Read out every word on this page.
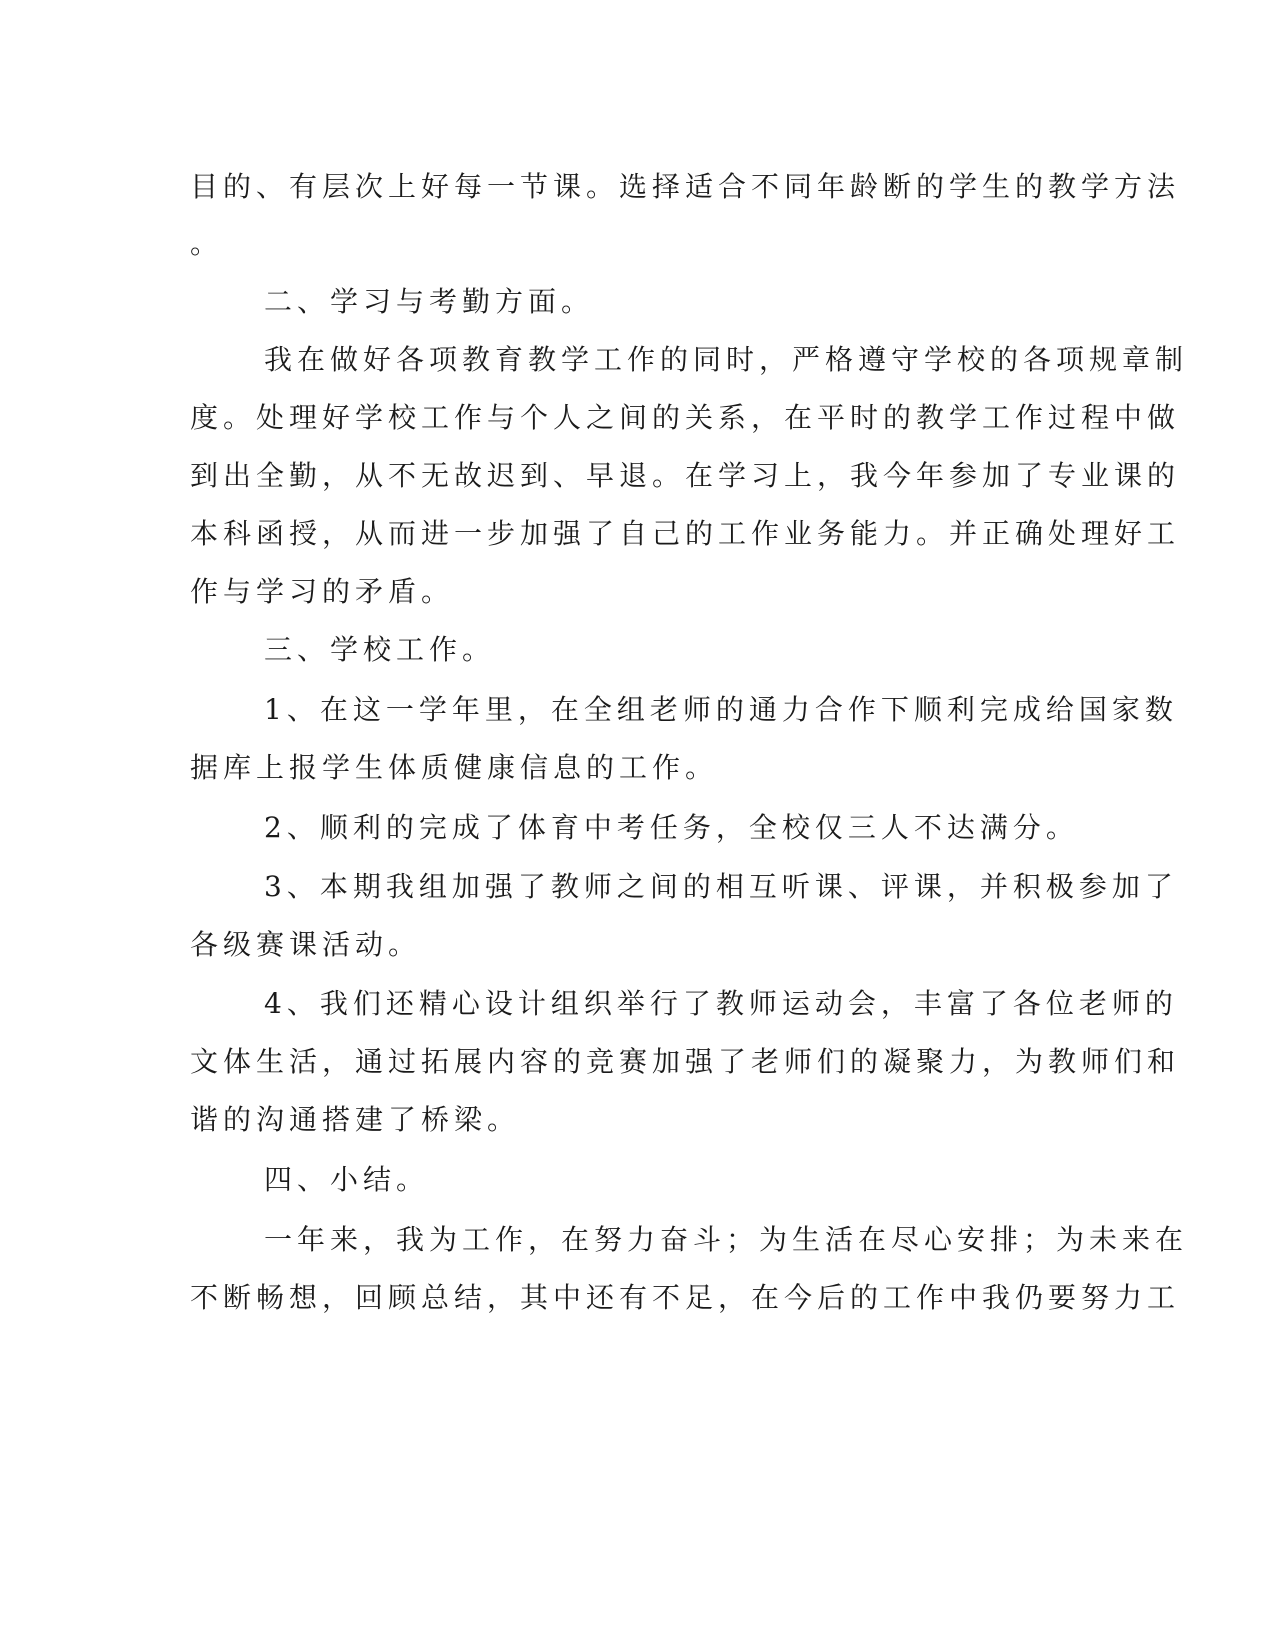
目的、有层次上好每一节课。选择适合不同年龄断的学生的教学方法
。
二、学习与考勤方面。
我在做好各项教育教学工作的同时，严格遵守学校的各项规章制
度。处理好学校工作与个人之间的关系，在平时的教学工作过程中做
到出全勤，从不无故迟到、早退。在学习上，我今年参加了专业课的
本科函授，从而进一步加强了自己的工作业务能力。并正确处理好工
作与学习的矛盾。
三、学校工作。
1、在这一学年里，在全组老师的通力合作下顺利完成给国家数
据库上报学生体质健康信息的工作。
2、顺利的完成了体育中考任务，全校仅三人不达满分。
3、本期我组加强了教师之间的相互听课、评课，并积极参加了
各级赛课活动。
4、我们还精心设计组织举行了教师运动会，丰富了各位老师的
文体生活，通过拓展内容的竞赛加强了老师们的凝聚力，为教师们和
谐的沟通搭建了桥梁。
四、小结。
一年来，我为工作，在努力奋斗；为生活在尽心安排；为未来在
不断畅想，回顾总结，其中还有不足，在今后的工作中我仍要努力工
